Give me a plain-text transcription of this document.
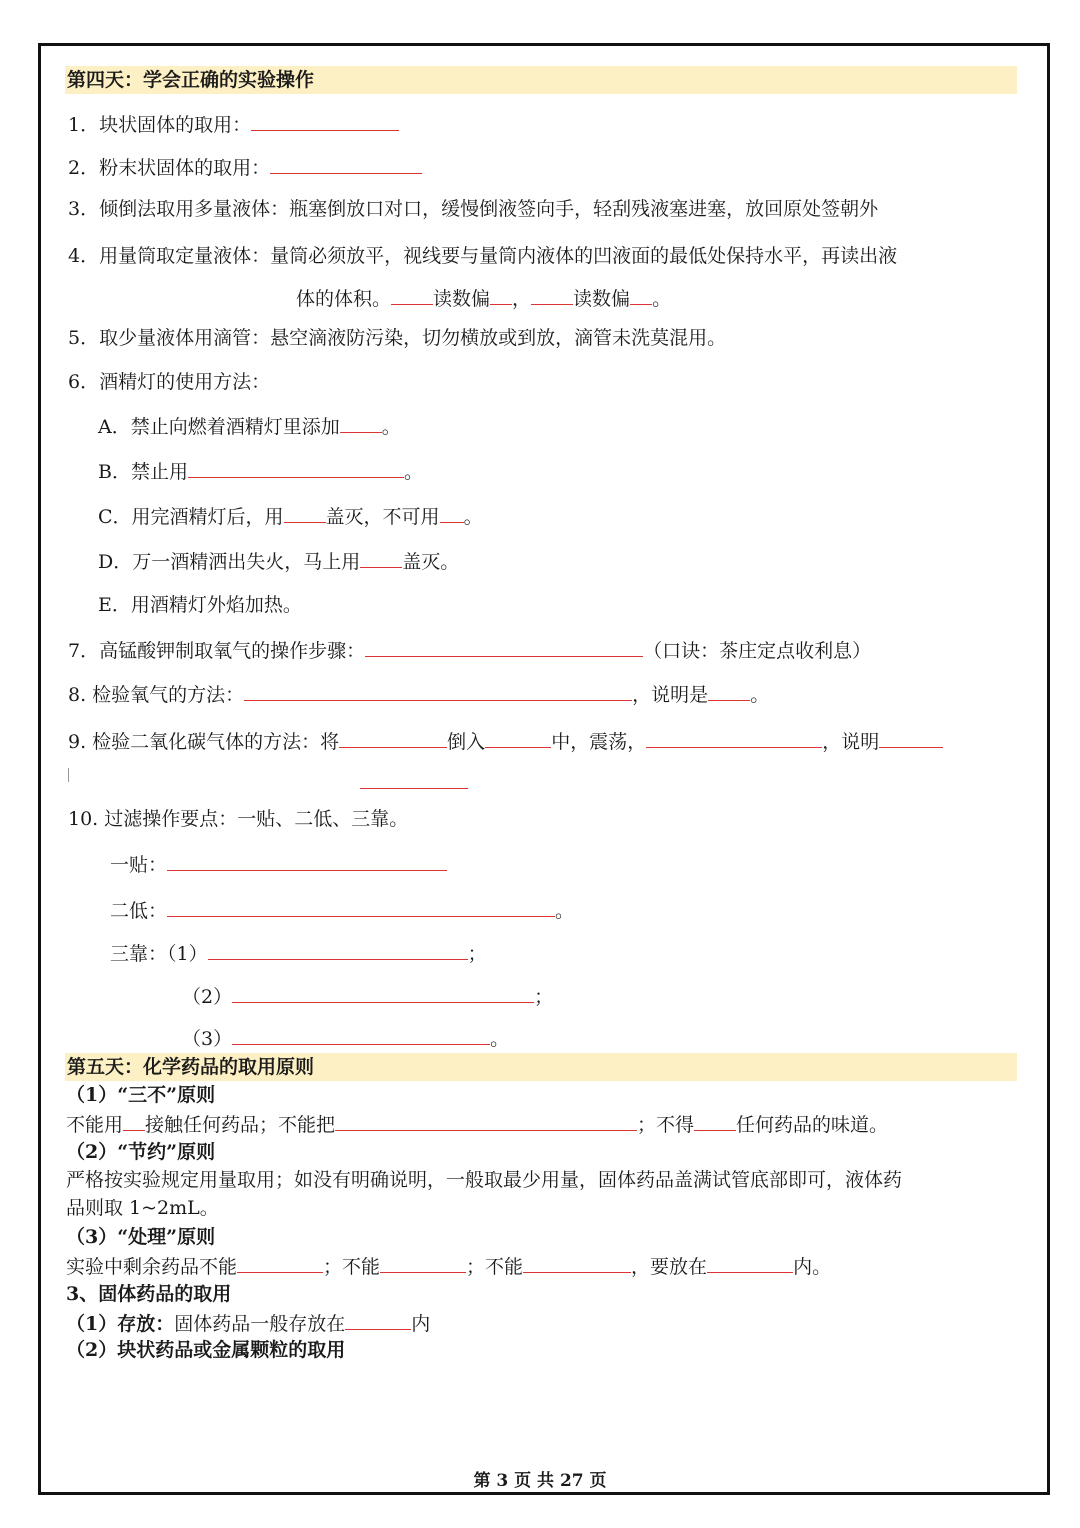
第四天：学会正确的实验操作
1．块状固体的取用：
2．粉末状固体的取用：
3．倾倒法取用多量液体：瓶塞倒放口对口，缓慢倒液签向手，轻刮残液塞进塞，放回原处签朝外
4．用量筒取定量液体：量筒必须放平，视线要与量筒内液体的凹液面的最低处保持水平，再读出液
体的体积。 读数偏 ， 读数偏 。
5．取少量液体用滴管：悬空滴液防污染，切勿横放或到放，滴管未洗莫混用。
6．酒精灯的使用方法：
A．禁止向燃着酒精灯里添加 。
B．禁止用	。
C．用完酒精灯后，用 盖灭，不可用 。
D．万一酒精洒出失火，马上用 盖灭。
E．用酒精灯外焰加热。
7．高锰酸钾制取氧气的操作步骤：	（口诀：茶庄定点收利息）
8. 检验氧气的方法：	，说明是 。
9. 检验二氧化碳气体的方法：将	倒入	中，震荡，	，说明
10. 过滤操作要点：一贴、二低、三靠。
一贴：
二低：	。
三靠：（1）	；
（2）	；
（3）	。
第五天：化学药品的取用原则
（1）“三不”原则
不能用 接触任何药品；不能把	；不得 任何药品的味道。
（2）“节约”原则
严格按实验规定用量取用；如没有明确说明，一般取最少用量，固体药品盖满试管底部即可，液体药
品则取 1~2mL。
（3）“处理”原则
实验中剩余药品不能	；不能	；不能	，要放在	内。
3、固体药品的取用
（1）存放：固体药品一般存放在	内
（2）块状药品或金属颗粒的取用
第 3 页 共 27 页
